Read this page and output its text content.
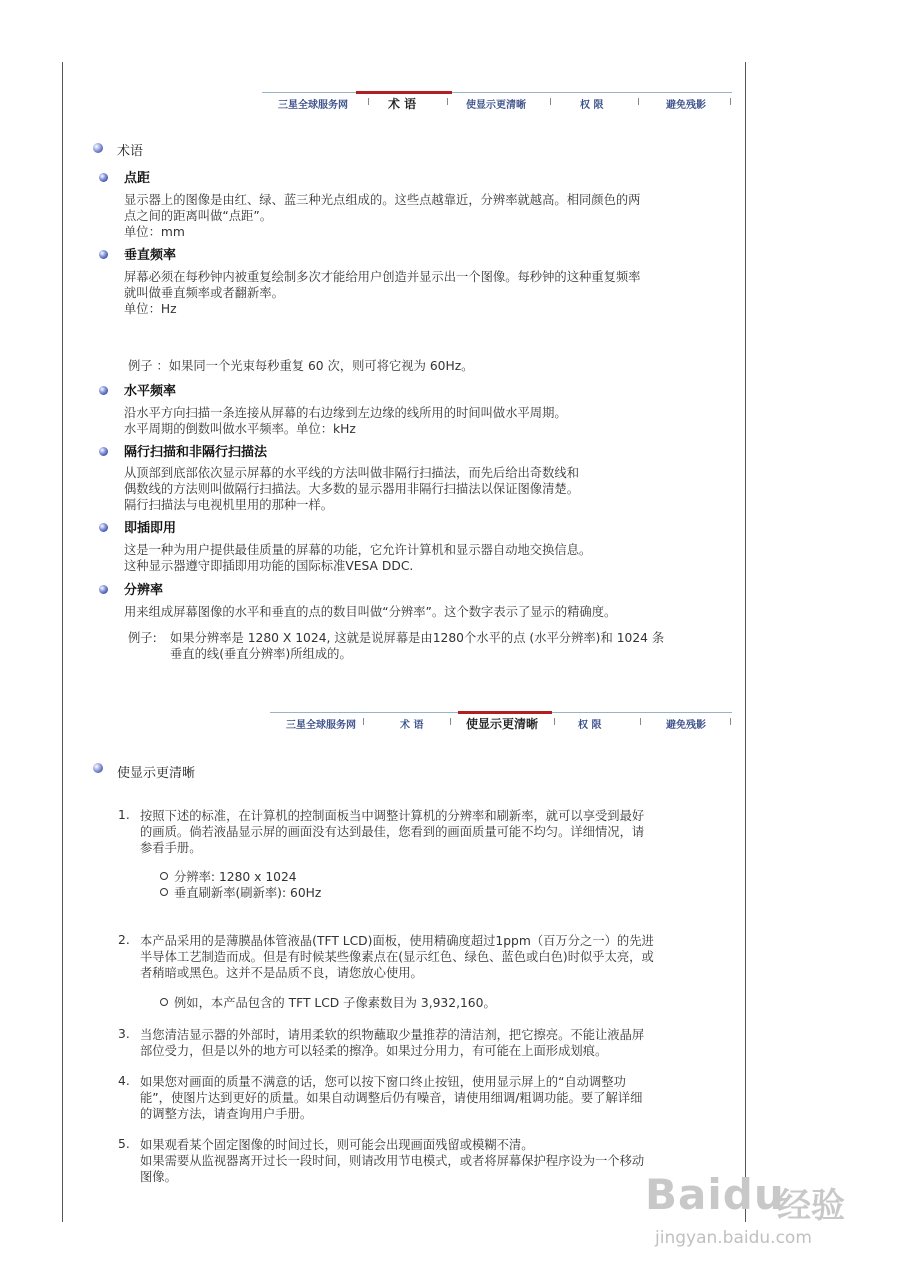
三星全球服务网	术 语	使显示更清晰	权 限	避免残影
术语
点距
显示器上的图像是由红、绿、蓝三种光点组成的。这些点越靠近，分辨率就越高。相同颜色的两
点之间的距离叫做“点距”。
单位：mm
垂直频率
屏幕必须在每秒钟内被重复绘制多次才能给用户创造并显示出一个图像。每秒钟的这种重复频率
就叫做垂直频率或者翻新率。
单位：Hz
例子 ：如果同一个光束每秒重复 60 次，则可将它视为 60Hz。
水平频率
沿水平方向扫描一条连接从屏幕的右边缘到左边缘的线所用的时间叫做水平周期。
水平周期的倒数叫做水平频率。单位：kHz
隔行扫描和非隔行扫描法
从顶部到底部依次显示屏幕的水平线的方法叫做非隔行扫描法，而先后给出奇数线和
偶数线的方法则叫做隔行扫描法。大多数的显示器用非隔行扫描法以保证图像清楚。
隔行扫描法与电视机里用的那种一样。
即插即用
这是一种为用户提供最佳质量的屏幕的功能，它允许计算机和显示器自动地交换信息。
这种显示器遵守即插即用功能的国际标准VESA DDC.
分辨率
用来组成屏幕图像的水平和垂直的点的数目叫做“分辨率”。这个数字表示了显示的精确度。
例子: 如果分辨率是 1280 X 1024, 这就是说屏幕是由1280个水平的点 (水平分辨率)和 1024 条
垂直的线(垂直分辨率)所组成的。
三星全球服务网	术 语	使显示更清晰	权 限	避免残影
使显示更清晰
1. 按照下述的标准，在计算机的控制面板当中调整计算机的分辨率和刷新率，就可以享受到最好
的画质。倘若液晶显示屏的画面没有达到最佳，您看到的画面质量可能不均匀。详细情况，请
参看手册。
分辨率: 1280 x 1024
垂直刷新率(刷新率): 60Hz
2. 本产品采用的是薄膜晶体管液晶(TFT LCD)面板，使用精确度超过1ppm（百万分之一）的先进
半导体工艺制造而成。但是有时候某些像素点在(显示红色、绿色、蓝色或白色)时似乎太亮，或
者稍暗或黑色。这并不是品质不良，请您放心使用。
例如，本产品包含的 TFT LCD 子像素数目为 3,932,160。
3. 当您清洁显示器的外部时，请用柔软的织物蘸取少量推荐的清洁剂，把它擦亮。不能让液晶屏
部位受力，但是以外的地方可以轻柔的擦净。如果过分用力，有可能在上面形成划痕。
4. 如果您对画面的质量不满意的话，您可以按下窗口终止按钮，使用显示屏上的“自动调整功
能”，使图片达到更好的质量。如果自动调整后仍有噪音，请使用细调/粗调功能。要了解详细
的调整方法，请查询用户手册。
5. 如果观看某个固定图像的时间过长，则可能会出现画面残留或模糊不清。
如果需要从监视器离开过长一段时间，则请改用节电模式，或者将屏幕保护程序设为一个移动
图像。	Baidu
经验
jingyan.baidu.com
